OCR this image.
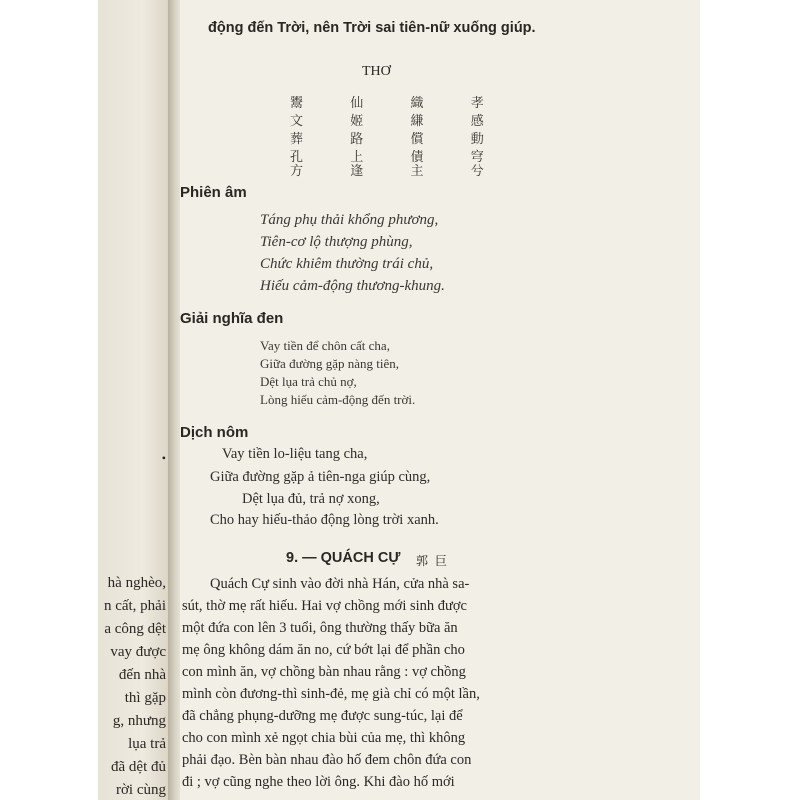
•
hà nghèo,
n cất, phải
a công dệt
vay được
đến nhà
thì gặp
g, nhưng
lụa trả
đã dệt đủ
rời cùng
động đến Trời, nên Trời sai tiên-nữ xuống giúp.
THƠ
鬻 仙 織 孝
文 姬 縑 感
葬 路 償 動
孔 上 債 穹
方 逢 主 兮
Phiên âm
Táng phụ thải khổng phương,
Tiên-cơ lộ thượng phùng,
Chức khiêm thường trái chủ,
Hiếu cảm-động thương-khung.
Giải nghĩa đen
Vay tiền để chôn cất cha,
Giữa đường gặp nàng tiên,
Dệt lụa trả chủ nợ,
Lòng hiếu cảm-động đến trời.
Dịch nôm
Vay tiền lo-liệu tang cha,
Giữa đường gặp ả tiên-nga giúp cùng,
Dệt lụa đủ, trả nợ xong,
Cho hay hiếu-thảo động lòng trời xanh.
9. — QUÁCH CỰ 郭 巨
Quách Cự sinh vào đời nhà Hán, cửa nhà sa-
sút, thờ mẹ rất hiếu. Hai vợ chồng mới sinh được
một đứa con lên 3 tuổi, ông thường thấy bữa ăn
mẹ ông không dám ăn no, cứ bớt lại để phần cho
con mình ăn, vợ chồng bàn nhau rằng : vợ chồng
mình còn đương-thì sinh-đẻ, mẹ già chỉ có một lần,
đã chẳng phụng-dưỡng mẹ được sung-túc, lại để
cho con mình xẻ ngọt chia bùi của mẹ, thì không
phải đạo. Bèn bàn nhau đào hố đem chôn đứa con
đi ; vợ cũng nghe theo lời ông. Khi đào hố mới
